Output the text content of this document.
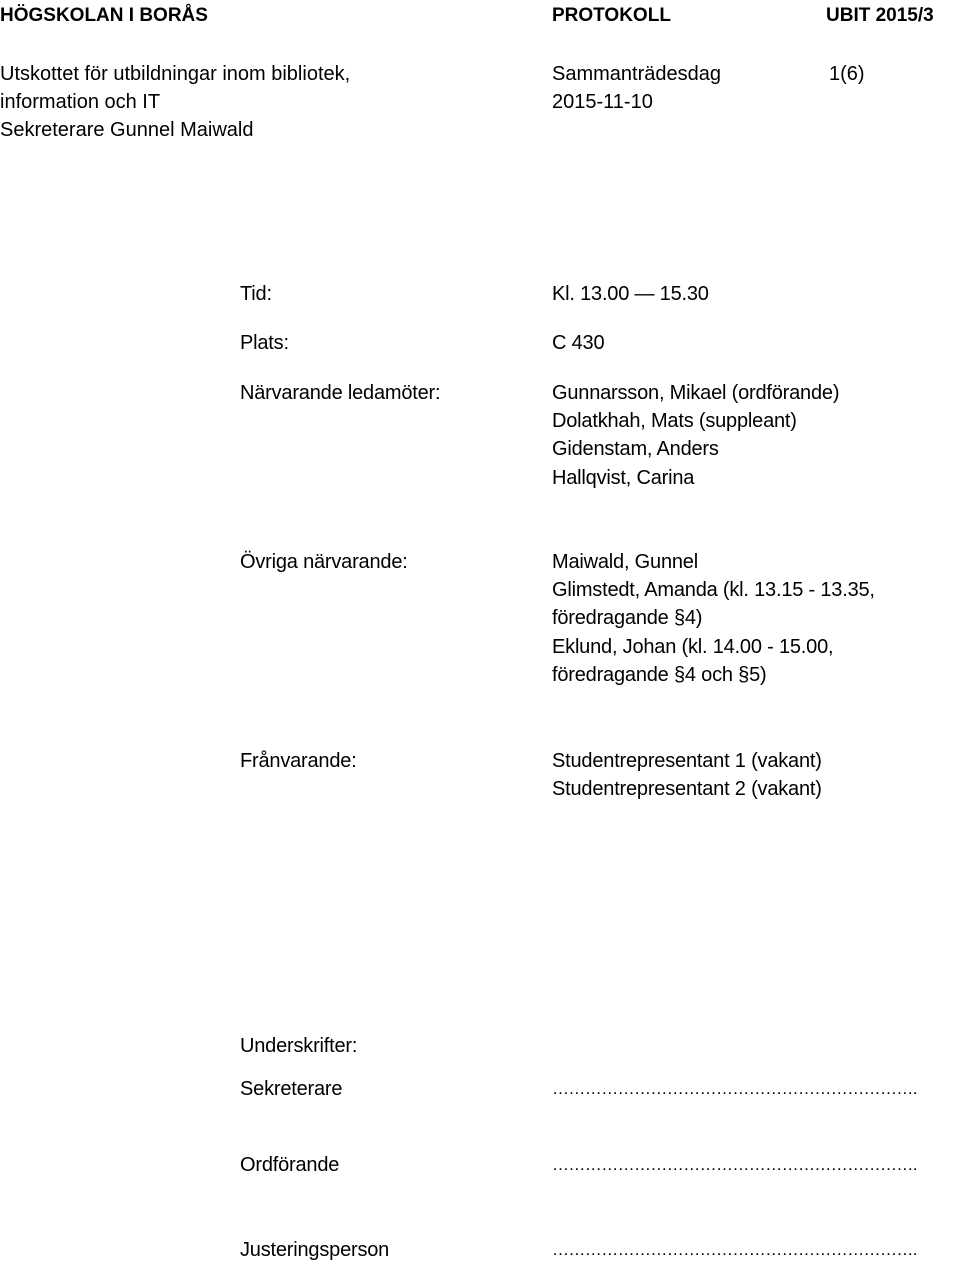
HÖGSKOLAN I BORÅS	PROTOKOLL	UBIT 2015/3
Utskottet för utbildningar inom bibliotek,
information och IT
Sekreterare Gunnel Maiwald
Sammanträdesdag
2015-11-10
1(6)
Tid:	Kl. 13.00 — 15.30
Plats:	C 430
Närvarande ledamöter:	Gunnarsson, Mikael (ordförande)
Dolatkhah, Mats (suppleant)
Gidenstam, Anders
Hallqvist, Carina
Övriga närvarande:	Maiwald, Gunnel
Glimstedt, Amanda (kl. 13.15 - 13.35,
föredragande §4)
Eklund, Johan (kl. 14.00 - 15.00,
föredragande §4 och §5)
Frånvarande:	Studentrepresentant 1 (vakant)
Studentrepresentant 2 (vakant)
Underskrifter:
Sekreterare	………………………………………………………….
Ordförande	………………………………………………………….
Justeringsperson	………………………………………………………….
